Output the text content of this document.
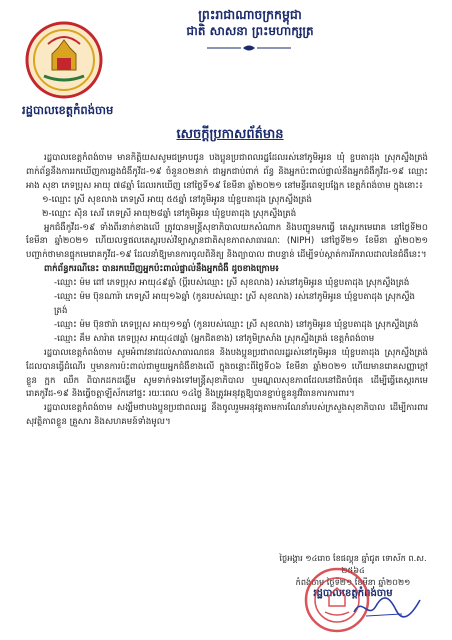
ព្រះរាជាណាចក្រកម្ពុជា
ជាតិ សាសនា ព្រះមហាក្សត្រ
រដ្ឋបាលខេត្តកំពង់ចាម
សេចក្តីប្រកាសព័ត៌មាន

រដ្ឋបាលខេត្តកំពង់ចាម មានកិត្តិយសសូមជម្រាបជូន បងប្អូនប្រជាពលរដ្ឋដែលរស់នៅភូមិអូរន ឃុំ ខ្ចបតាដុង ស្រុកស្ទឹងត្រង់ ពាក់ព័ន្ធនឹងការរកឃើញការឆ្លងជំងឺកូវីដ-១៩ ចំនួន០២នាក់ ជាអ្នកជាប់ពាក់ ព័ន្ធ និងអ្នកប៉ះពាល់ផ្ទាល់នឹងអ្នកជំងឺកូវីដ-១៩ ឈ្មោះ អាង សុខា ភេទប្រុស អាយុ ៧៨ឆ្នាំ ដែលរកឃើញ នៅថ្ងៃទី១៩ ខែមីនា ឆ្នាំ២០២១ នៅមន្ទីរពេទ្យបង្អែក ខេត្តកំពង់ចាម ក្នុងនោះ៖

១-ឈ្មោះ ស្រី សុខលាង ភេទស្រី អាយុ ៥៥ឆ្នាំ នៅភូមិអូរន ឃុំខ្ចបតាដុង ស្រុកស្ទឹងត្រង់

២-ឈ្មោះ ស៊ិន សេរី ភេទស្រី អាយុ២៨ឆ្នាំ នៅភូមិអូរន ឃុំខ្ចបតាដុង ស្រុកស្ទឹងត្រង់

អ្នកជំងឺកូវីដ-១៩ ទាំងពីរនាក់ខាងលើ ត្រូវបានមន្ត្រីសុខាភិបាលយកសំណាក និងបញ្ជូនមកធ្វើ តេស្តរកមេរោគ នៅថ្ងៃទី២០ ខែមីនា ឆ្នាំ២០២១ ហើយលទ្ធផលតេស្តរបស់វិទ្យាស្ថានជាតិសុខភាពសាធារណៈ (NIPH) នៅថ្ងៃទី២១ ខែមីនា ឆ្នាំ២០២១ បញ្ជាក់ថាមានផ្ទុកមេរោគកូវីដ-១៩ ដែលនាំឱ្យមានការចូលពិនិត្យ និងព្យាបាល ជាបន្ទាន់ ដើម្បីទប់ស្កាត់ការរីករាលដាលនៃជំងឺនេះ។

ពាក់ព័ន្ធករណីនេះ បានរកឃើញអ្នកប៉ះពាល់ផ្ទាល់នឹងអ្នកជំងឺ ដូចខាងក្រោម៖

-ឈ្មោះ ម៉ម ពៅ ភេទប្រុស អាយុ៤៩ឆ្នាំ (ប្តីរបស់ឈ្មោះ ស្រី សុខលាង) រស់នៅភូមិអូរន ឃុំខ្ចបតាដុង ស្រុកស្ទឹងត្រង់

-ឈ្មោះ ម៉ម ប៊ុនណារ៉ា ភេទស្រី អាយុ១៦ឆ្នាំ (កូនរបស់ឈ្មោះ ស្រី សុខលាង) រស់នៅភូមិអូរន ឃុំខ្ចបតាដុង ស្រុកស្ទឹងត្រង់

-ឈ្មោះ ម៉ម ប៊ុនថារ៉ា ភេទប្រុស អាយុ១១ឆ្នាំ (កូនរបស់ឈ្មោះ ស្រី សុខលាង) នៅភូមិអូរន ឃុំខ្ចបតាដុង ស្រុកស្ទឹងត្រង់

-ឈ្មោះ គឹម សារ៉ាត ភេទប្រុស អាយុ៤៧ឆ្នាំ (អ្នកជិតខាង) នៅភូមិក្រសាំង ស្រុកស្ទឹងត្រង់ ខេត្តកំពង់ចាម

រដ្ឋបាលខេត្តកំពង់ចាម សូមអំពាវនាវដល់សាធារណជន និងបងប្អូនប្រជាពលរដ្ឋរស់នៅភូមិអូរន ឃុំខ្ចបតាដុង ស្រុកស្ទឹងត្រង់ ដែលបានធ្វើដំណើរ ឬមានការប៉ះពាល់ជាមួយអ្នកជំងឺខាងលើ ក្នុងចន្លោះពីថ្ងៃទី០៦ ខែមីនា ឆ្នាំ២០២១ ហើយមានរោគសញ្ញាក្តៅខ្លួន ក្អក ឈឺក ពិបាកដកដង្ហើម សូមទាក់ទងទៅមន្ត្រីសុខាភិបាល ឬមណ្ឌលសុខភាពដែលនៅជិតបំផុត ដើម្បីធ្វើតេស្តរកមេរោគកូវីដ-១៩ និងធ្វើចត្តាឡីស័កនៅផ្ទះ រយៈពេល ១៤ថ្ងៃ និងត្រូវអនុវត្តឱ្យបានខ្ជាប់ខ្ជួននូវវិធានការការពារ។

រដ្ឋបាលខេត្តកំពង់ចាម សង្ឃឹមថាបងប្អូនប្រជាពលរដ្ឋ នឹងចូលរួមអនុវត្តតាមការណែនាំរបស់ក្រសួងសុខាភិបាល ដើម្បីការពារសុវត្ថិភាពខ្លួន គ្រួសារ និងសហគមន៍ទាំងមូល។

ថ្ងៃអង្គារ ១៤រោច ខែផល្គុន ឆ្នាំជូត ទោស័ក ព.ស. ២៥៦៤
កំពង់ចាម ថ្ងៃទី២១ ខែមីនា ឆ្នាំ២០២១
រដ្ឋបាលខេត្តកំពង់ចាម
